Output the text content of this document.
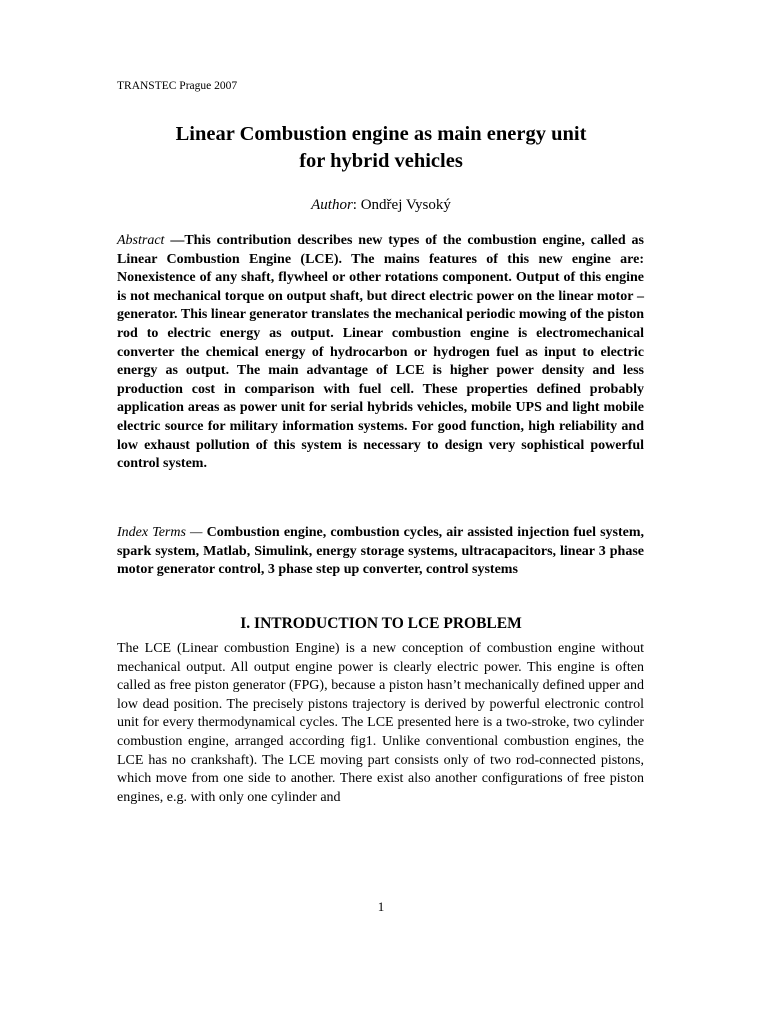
TRANSTEC Prague 2007
Linear Combustion engine as main energy unit
for hybrid vehicles
Author: Ondřej Vysoký

Abstract —This contribution describes new types of the combustion engine, called as Linear Combustion Engine (LCE). The mains features of this new engine are: Nonexistence of any shaft, flywheel or other rotations component. Output of this engine is not mechanical torque on output shaft, but direct electric power on the linear motor – generator. This linear generator translates the mechanical periodic mowing of the piston rod to electric energy as output. Linear combustion engine is electromechanical converter the chemical energy of hydrocarbon or hydrogen fuel as input to electric energy as output. The main advantage of LCE is higher power density and less production cost in comparison with fuel cell. These properties defined probably application areas as power unit for serial hybrids vehicles, mobile UPS and light mobile electric source for military information systems. For good function, high reliability and low exhaust pollution of this system is necessary to design very sophistical powerful control system.

Index Terms — Combustion engine, combustion cycles, air assisted injection fuel system, spark system, Matlab, Simulink, energy storage systems, ultracapacitors, linear 3 phase motor generator control, 3 phase step up converter, control systems

I. INTRODUCTION TO LCE PROBLEM

The LCE (Linear combustion Engine) is a new conception of combustion engine without mechanical output. All output engine power is clearly electric power. This engine is often called as free piston generator (FPG), because a piston hasn’t mechanically defined upper and low dead position. The precisely pistons trajectory is derived by powerful electronic control unit for every thermodynamical cycles. The LCE presented here is a two-stroke, two cylinder combustion engine, arranged according fig1. Unlike conventional combustion engines, the LCE has no crankshaft). The LCE moving part consists only of two rod-connected pistons, which move from one side to another. There exist also another configurations of free piston engines, e.g. with only one cylinder and

1
